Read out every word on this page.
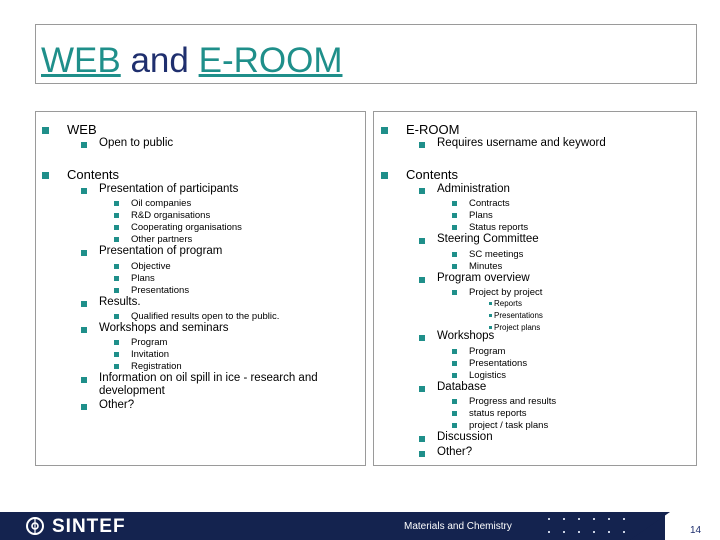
WEB and E-ROOM
WEB
Open to public
Contents
Presentation of participants
Oil companies
R&D organisations
Cooperating organisations
Other partners
Presentation of program
Objective
Plans
Presentations
Results.
Qualified results open to the public.
Workshops and seminars
Program
Invitation
Registration
Information on oil spill in ice - research and
development
Other?
E-ROOM
Requires username and keyword
Contents
Administration
Contracts
Plans
Status reports
Steering Committee
SC meetings
Minutes
Program overview
Project by project
Reports
Presentations
Project plans
Workshops
Program
Presentations
Logistics
Database
Progress and results
status reports
project / task plans
Discussion
Other?
SINTEF	Materials and Chemistry	14
